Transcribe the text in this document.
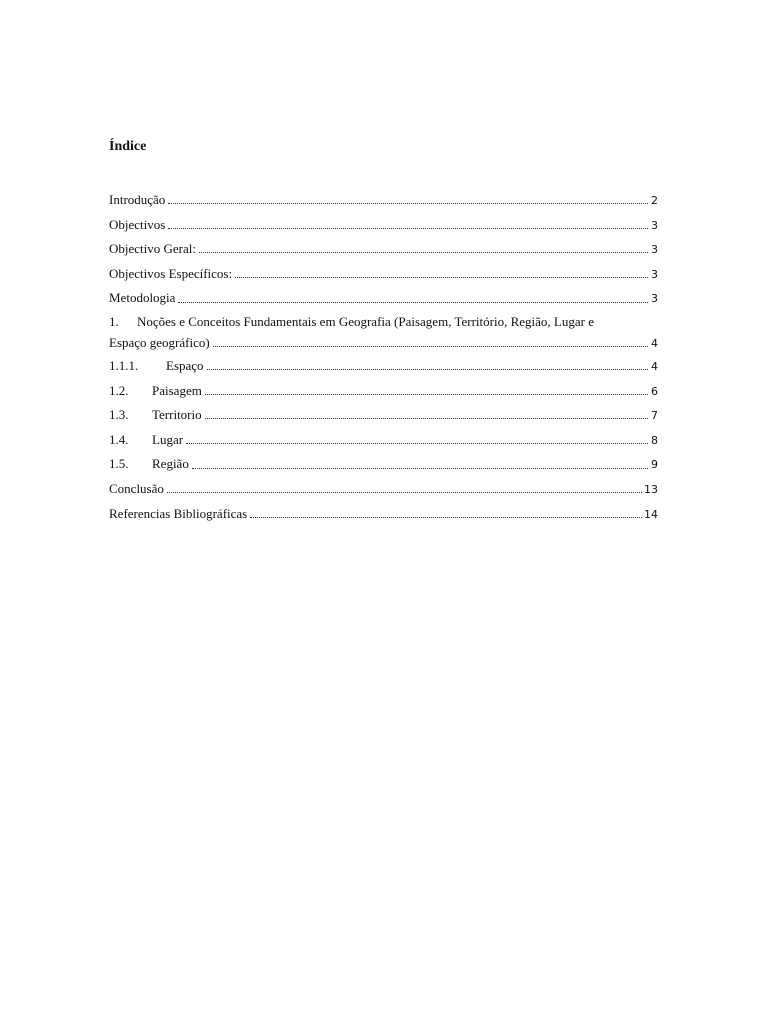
Índice
Introdução	2
Objectivos	3
Objectivo Geral:	3
Objectivos Específicos:	3
Metodologia	3
1.	Noções e Conceitos Fundamentais em Geografia (Paisagem, Território, Região, Lugar e
Espaço geográfico)	4
1.1.1.	Espaço	4
1.2.	Paisagem	6
1.3.	Territorio	7
1.4.	Lugar	8
1.5.	Região	9
Conclusão	13
Referencias Bibliográficas	14
